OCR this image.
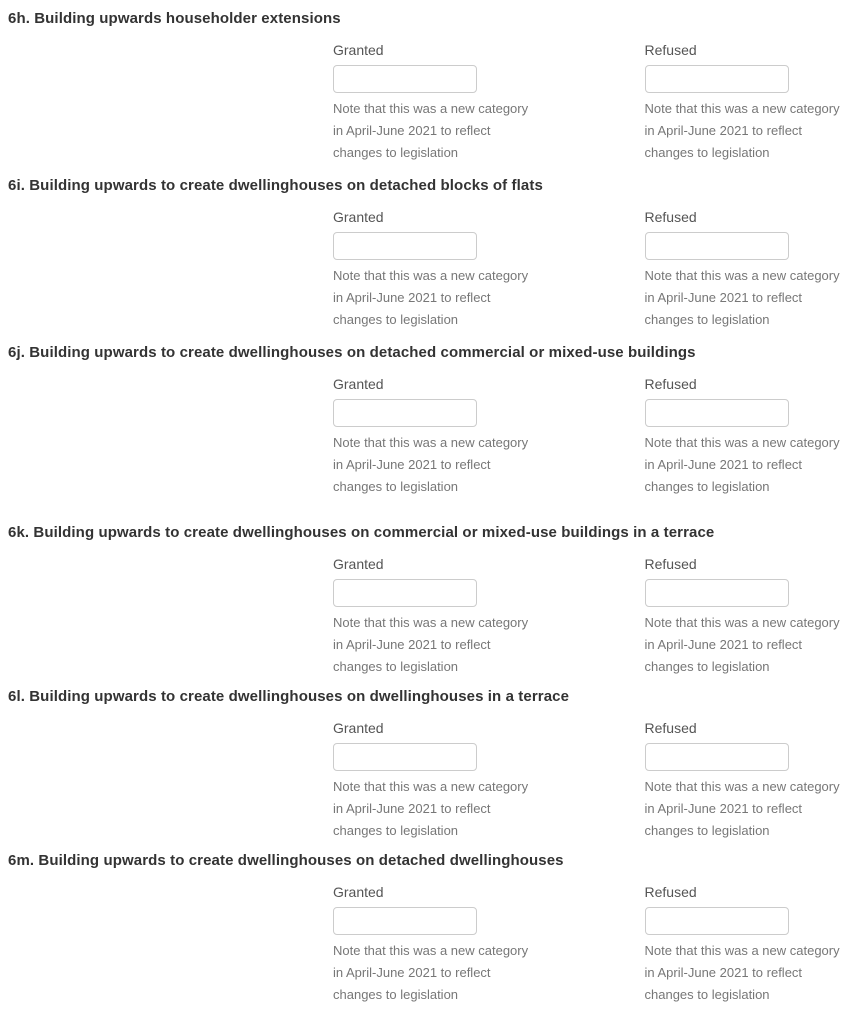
6h. Building upwards householder extensions
Granted
Note that this was a new category
in April-June 2021 to reflect
changes to legislation
Refused
Note that this was a new category
in April-June 2021 to reflect
changes to legislation
6i. Building upwards to create dwellinghouses on detached blocks of flats
Granted
Note that this was a new category
in April-June 2021 to reflect
changes to legislation
Refused
Note that this was a new category
in April-June 2021 to reflect
changes to legislation
6j. Building upwards to create dwellinghouses on detached commercial or mixed-use buildings
Granted
Note that this was a new category
in April-June 2021 to reflect
changes to legislation
Refused
Note that this was a new category
in April-June 2021 to reflect
changes to legislation
6k. Building upwards to create dwellinghouses on commercial or mixed-use buildings in a terrace
Granted
Note that this was a new category
in April-June 2021 to reflect
changes to legislation
Refused
Note that this was a new category
in April-June 2021 to reflect
changes to legislation
6l. Building upwards to create dwellinghouses on dwellinghouses in a terrace
Granted
Note that this was a new category
in April-June 2021 to reflect
changes to legislation
Refused
Note that this was a new category
in April-June 2021 to reflect
changes to legislation
6m. Building upwards to create dwellinghouses on detached dwellinghouses
Granted
Note that this was a new category
in April-June 2021 to reflect
changes to legislation
Refused
Note that this was a new category
in April-June 2021 to reflect
changes to legislation
